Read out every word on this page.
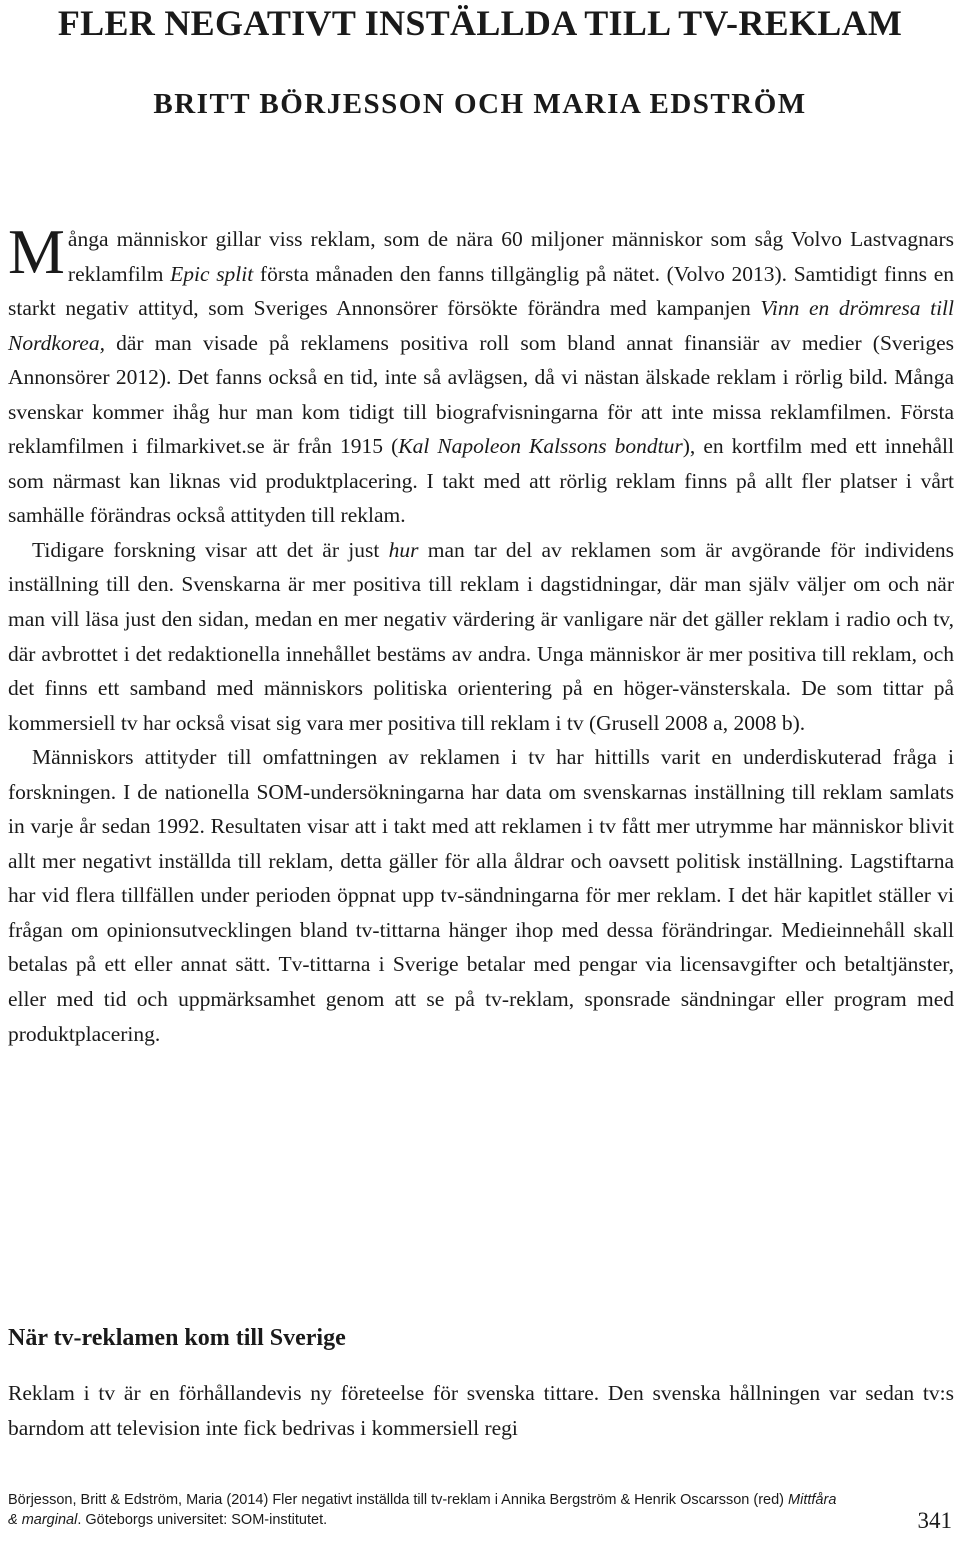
FLER NEGATIVT INSTÄLLDA TILL TV-REKLAM
BRITT BÖRJESSON OCH MARIA EDSTRÖM

Många människor gillar viss reklam, som de nära 60 miljoner människor som såg Volvo Lastvagnars reklamfilm Epic split första månaden den fanns tillgänglig på nätet. (Volvo 2013). Samtidigt finns en starkt negativ attityd, som Sveriges Annonsörer försökte förändra med kampanjen Vinn en drömresa till Nordkorea, där man visade på reklamens positiva roll som bland annat finansiär av medier (Sveriges Annonsörer 2012). Det fanns också en tid, inte så avlägsen, då vi nästan älskade reklam i rörlig bild. Många svenskar kommer ihåg hur man kom tidigt till biografvisningarna för att inte missa reklamfilmen. Första reklamfilmen i filmarkivet.se är från 1915 (Kal Napoleon Kalssons bondtur), en kortfilm med ett innehåll som närmast kan liknas vid produktplacering. I takt med att rörlig reklam finns på allt fler platser i vårt samhälle förändras också attityden till reklam.

Tidigare forskning visar att det är just hur man tar del av reklamen som är avgörande för individens inställning till den. Svenskarna är mer positiva till reklam i dagstidningar, där man själv väljer om och när man vill läsa just den sidan, medan en mer negativ värdering är vanligare när det gäller reklam i radio och tv, där avbrottet i det redaktionella innehållet bestäms av andra. Unga människor är mer positiva till reklam, och det finns ett samband med människors politiska orientering på en höger-vänsterskala. De som tittar på kommersiell tv har också visat sig vara mer positiva till reklam i tv (Grusell 2008 a, 2008 b).

Människors attityder till omfattningen av reklamen i tv har hittills varit en underdiskuterad fråga i forskningen. I de nationella SOM-undersökningarna har data om svenskarnas inställning till reklam samlats in varje år sedan 1992. Resultaten visar att i takt med att reklamen i tv fått mer utrymme har människor blivit allt mer negativt inställda till reklam, detta gäller för alla åldrar och oavsett politisk inställning. Lagstiftarna har vid flera tillfällen under perioden öppnat upp tv-sändningarna för mer reklam. I det här kapitlet ställer vi frågan om opinionsutvecklingen bland tv-tittarna hänger ihop med dessa förändringar. Medieinnehåll skall betalas på ett eller annat sätt. Tv-tittarna i Sverige betalar med pengar via licensavgifter och betaltjänster, eller med tid och uppmärksamhet genom att se på tv-reklam, sponsrade sändningar eller program med produktplacering.

När tv-reklamen kom till Sverige

Reklam i tv är en förhållandevis ny företeelse för svenska tittare. Den svenska hållningen var sedan tv:s barndom att television inte fick bedrivas i kommersiell regi

Börjesson, Britt & Edström, Maria (2014) Fler negativt inställda till tv-reklam i Annika Bergström & Henrik Oscarsson (red) Mittfåra & marginal. Göteborgs universitet: SOM-institutet.	341
